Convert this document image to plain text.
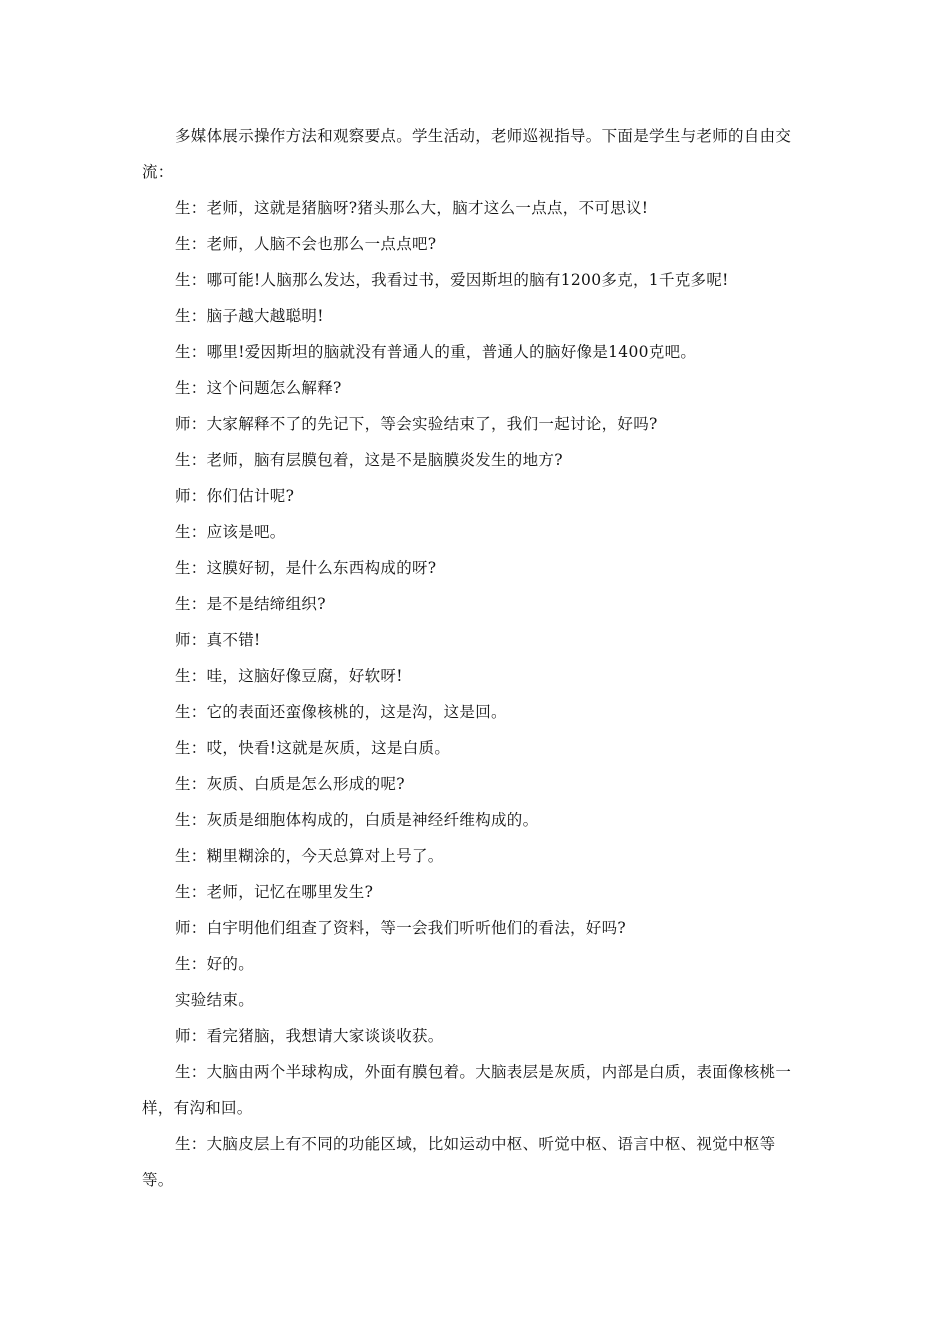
多媒体展示操作方法和观察要点。学生活动，老师巡视指导。下面是学生与老师的自由交流：

生：老师，这就是猪脑呀?猪头那么大，脑才这么一点点，不可思议!

生：老师，人脑不会也那么一点点吧?

生：哪可能!人脑那么发达，我看过书，爱因斯坦的脑有1200多克，1千克多呢!

生：脑子越大越聪明!

生：哪里!爱因斯坦的脑就没有普通人的重，普通人的脑好像是1400克吧。

生：这个问题怎么解释?

师：大家解释不了的先记下，等会实验结束了，我们一起讨论，好吗?

生：老师，脑有层膜包着，这是不是脑膜炎发生的地方?

师：你们估计呢?

生：应该是吧。

生：这膜好韧，是什么东西构成的呀?

生：是不是结缔组织?

师：真不错!

生：哇，这脑好像豆腐，好软呀!

生：它的表面还蛮像核桃的，这是沟，这是回。

生：哎，快看!这就是灰质，这是白质。

生：灰质、白质是怎么形成的呢?

生：灰质是细胞体构成的，白质是神经纤维构成的。

生：糊里糊涂的，今天总算对上号了。

生：老师，记忆在哪里发生?

师：白宇明他们组查了资料，等一会我们听听他们的看法，好吗?

生：好的。

实验结束。

师：看完猪脑，我想请大家谈谈收获。

生：大脑由两个半球构成，外面有膜包着。大脑表层是灰质，内部是白质，表面像核桃一样，有沟和回。

生：大脑皮层上有不同的功能区域，比如运动中枢、听觉中枢、语言中枢、视觉中枢等等。
